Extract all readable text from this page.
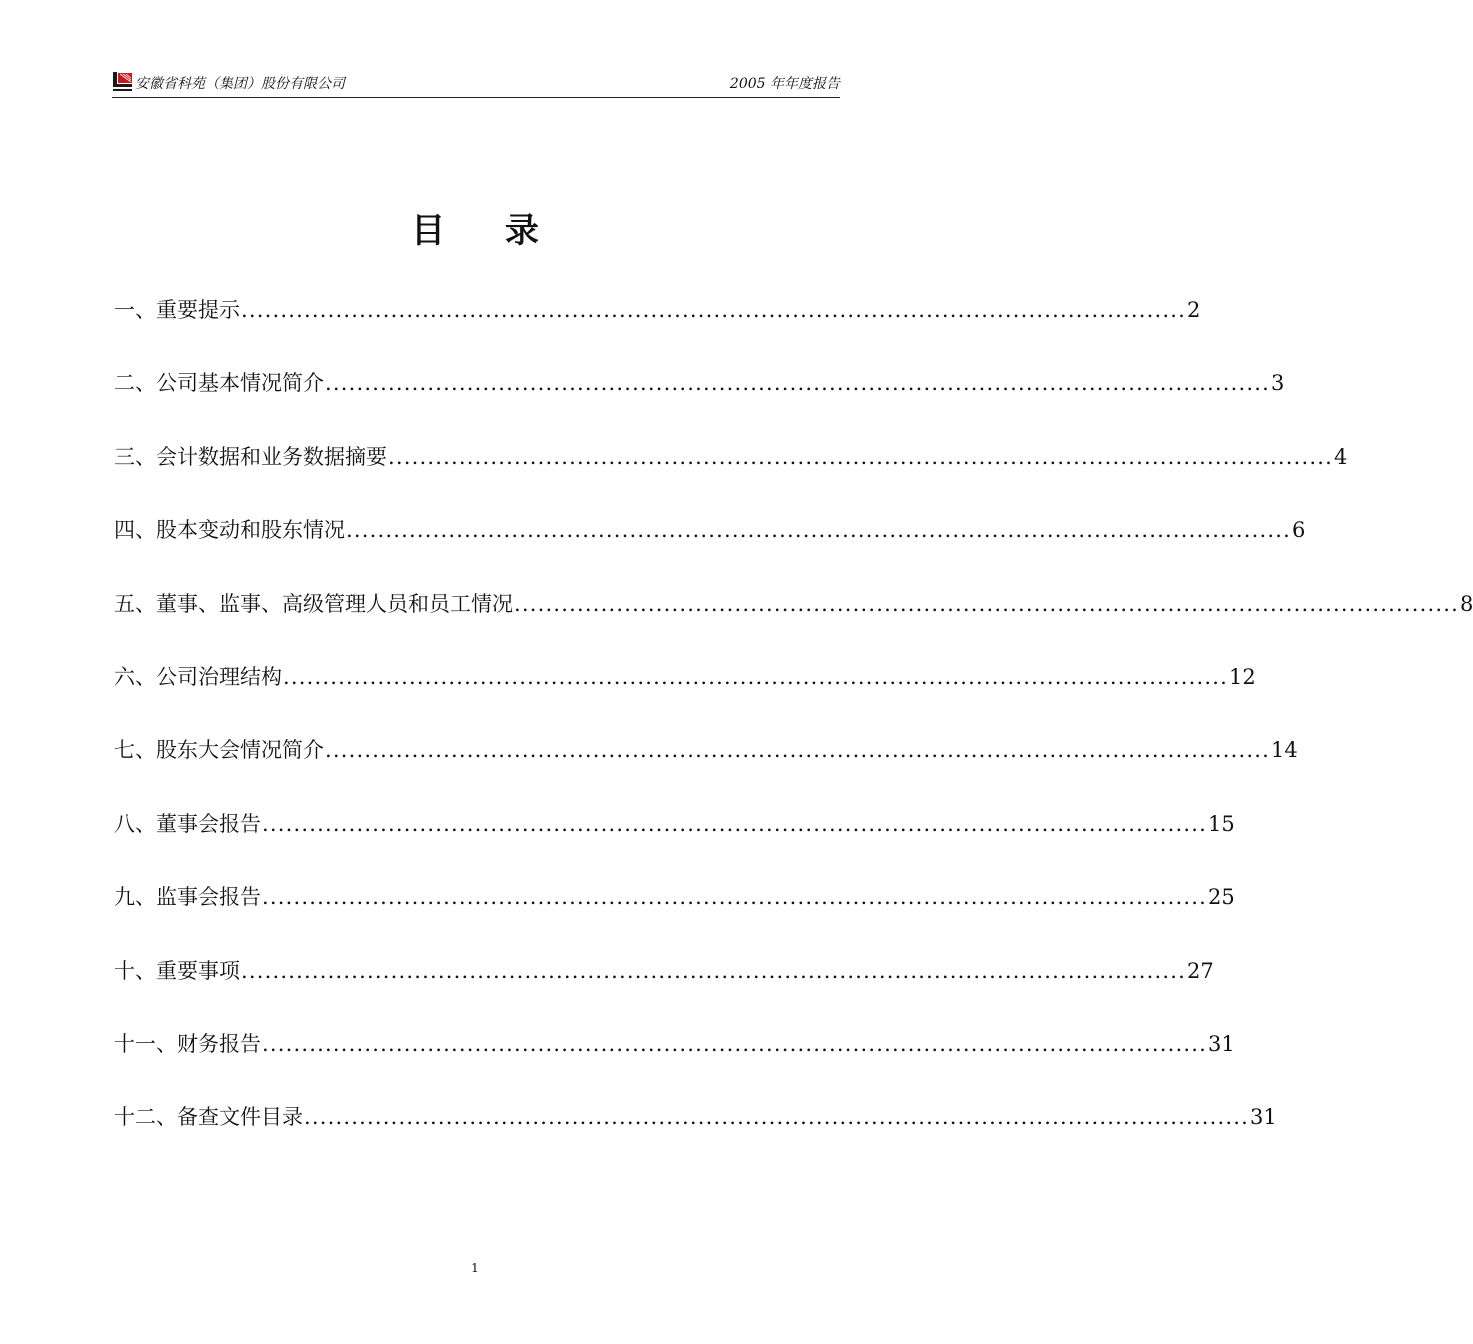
安徽省科苑（集团）股份有限公司	2005 年年度报告
目 录
一、重要提示 ........................................................................................................................ 2
二、公司基本情况简介 ........................................................................................................................ 3
三、会计数据和业务数据摘要 ........................................................................................................................ 4
四、股本变动和股东情况 ........................................................................................................................ 6
五、董事、监事、高级管理人员和员工情况 ........................................................................................................................ 8
六、公司治理结构 ........................................................................................................................ 12
七、股东大会情况简介 ........................................................................................................................ 14
八、董事会报告 ........................................................................................................................ 15
九、监事会报告 ........................................................................................................................ 25
十、重要事项 ........................................................................................................................ 27
十一、财务报告 ........................................................................................................................ 31
十二、备查文件目录 ........................................................................................................................ 31
1
